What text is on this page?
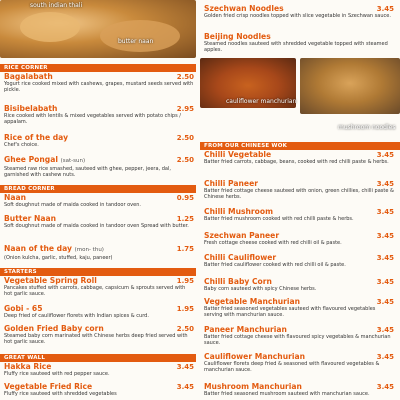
south indian thali
butter naan
RICE CORNER
Bagalabath
Yogurt rice cooked mixed with cashews, grapes, mustard seeds served with pickle.
2.50
Bisibelabath
Rice cooked with lentils & mixed vegetables served with potato chips / appalam.
2.95
Rice of the day
Chef's choice.
2.50
Ghee Pongal (sat-sun)
Steamed raw rice smashed, sauteed with ghee, pepper, jeera, dal, garnished with cashew nuts.
2.50
BREAD CORNER
Naan
Soft doughnut made of maida cooked in tandoor oven.
0.95
Butter Naan
Soft doughnut made of maida cooked in tandoor oven Spread with butter.
1.25
Naan of the day (mon- thu)
(Onion kulcha, garlic, stuffed, kaju, paneer)
1.75
STARTERS
Vegetable Spring Roll
Pancakes stuffed with carrots, cabbage, capsicum & sprouts served with hot garlic sauce.
1.95
Gobi - 65
Deep fried of cauliflower florets with Indian spices & curd.
1.95
Golden Fried Baby corn
Steamed baby corn marinated with Chinese herbs deep fried served with hot garlic sauce.
2.50
GREAT WALL
Hakka Rice
Fluffy rice sauteed with red pepper sauce.
3.45
Vegetable Fried Rice
Fluffy rice sauteed with shredded vegetables
3.45
Szechwan Noodles
Golden fried crisp noodles topped with slice vegetable in Szechwan sauce.
3.45
Beijing Noodles
Steamed noodles sauteed with shredded vegetable topped with steamed apples.
cauliflower manchurian
mushroom noodles
FROM OUR CHINESE WOK
Chilli Vegetable
Batter fried carrots, cabbage, beans, cooked with red chilli paste & herbs.
3.45
Chilli Paneer
Batter fried cottage cheese sauteed with onion, green chillies, chilli paste & Chinese herbs.
3.45
Chilli Mushroom
Batter fried mushroom cooked with red chilli paste & herbs.
3.45
Szechwan Paneer
Fresh cottage cheese cooked with red chilli oil & paste.
3.45
Chilli Cauliflower
Batter fried cauliflower cooked with red chilli oil & paste.
3.45
Chilli Baby Corn
Baby corn sauteed with spicy Chinese herbs.
3.45
Vegetable Manchurian
Batter fried seasoned vegetables sauteed with flavoured vegetables serving with manchurian sauce.
3.45
Paneer Manchurian
Batter fried cottage cheese with flavoured spicy vegetables & manchurian sauce.
3.45
Cauliflower Manchurian
Cauliflower florets deep fried & seasoned with flavoured vegetables & manchurian sauce.
3.45
Mushroom Manchurian
Batter fried seasoned mushroom sauteed with manchurian sauce.
3.45
